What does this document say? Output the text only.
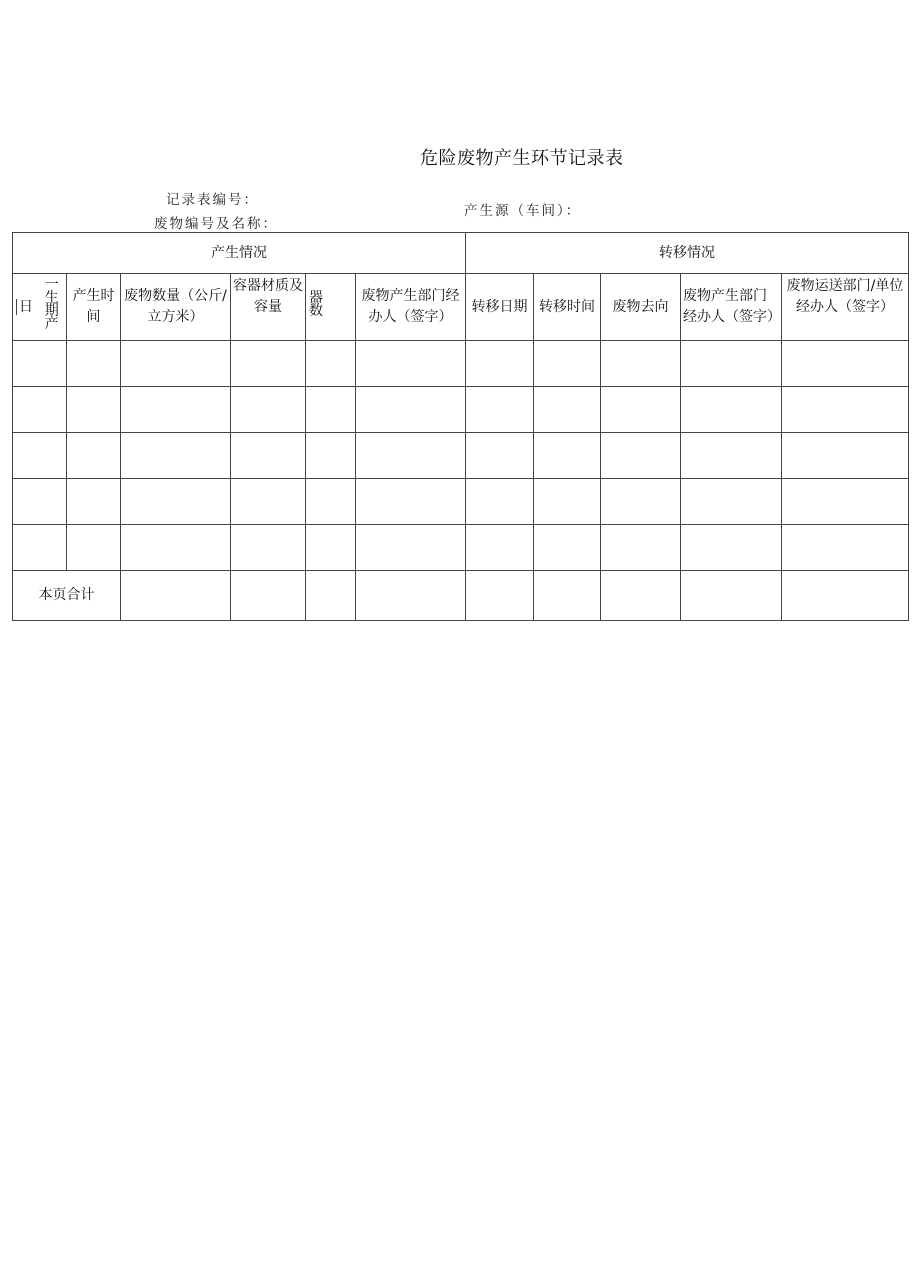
危险废物产生环节记录表
记录表编号：
废物编号及名称：
产生源（车间）：
产生情况							转移情况				
日	一生期产	产生时间	废物数量（公斤/立方米）	容器材质及容量	器数	废物产生部门经办人（签字）	转移日期	转移时间	废物去向	废物产生部门经办人（签字）	废物运送部门/单位经办人（签字）

本页合计											
